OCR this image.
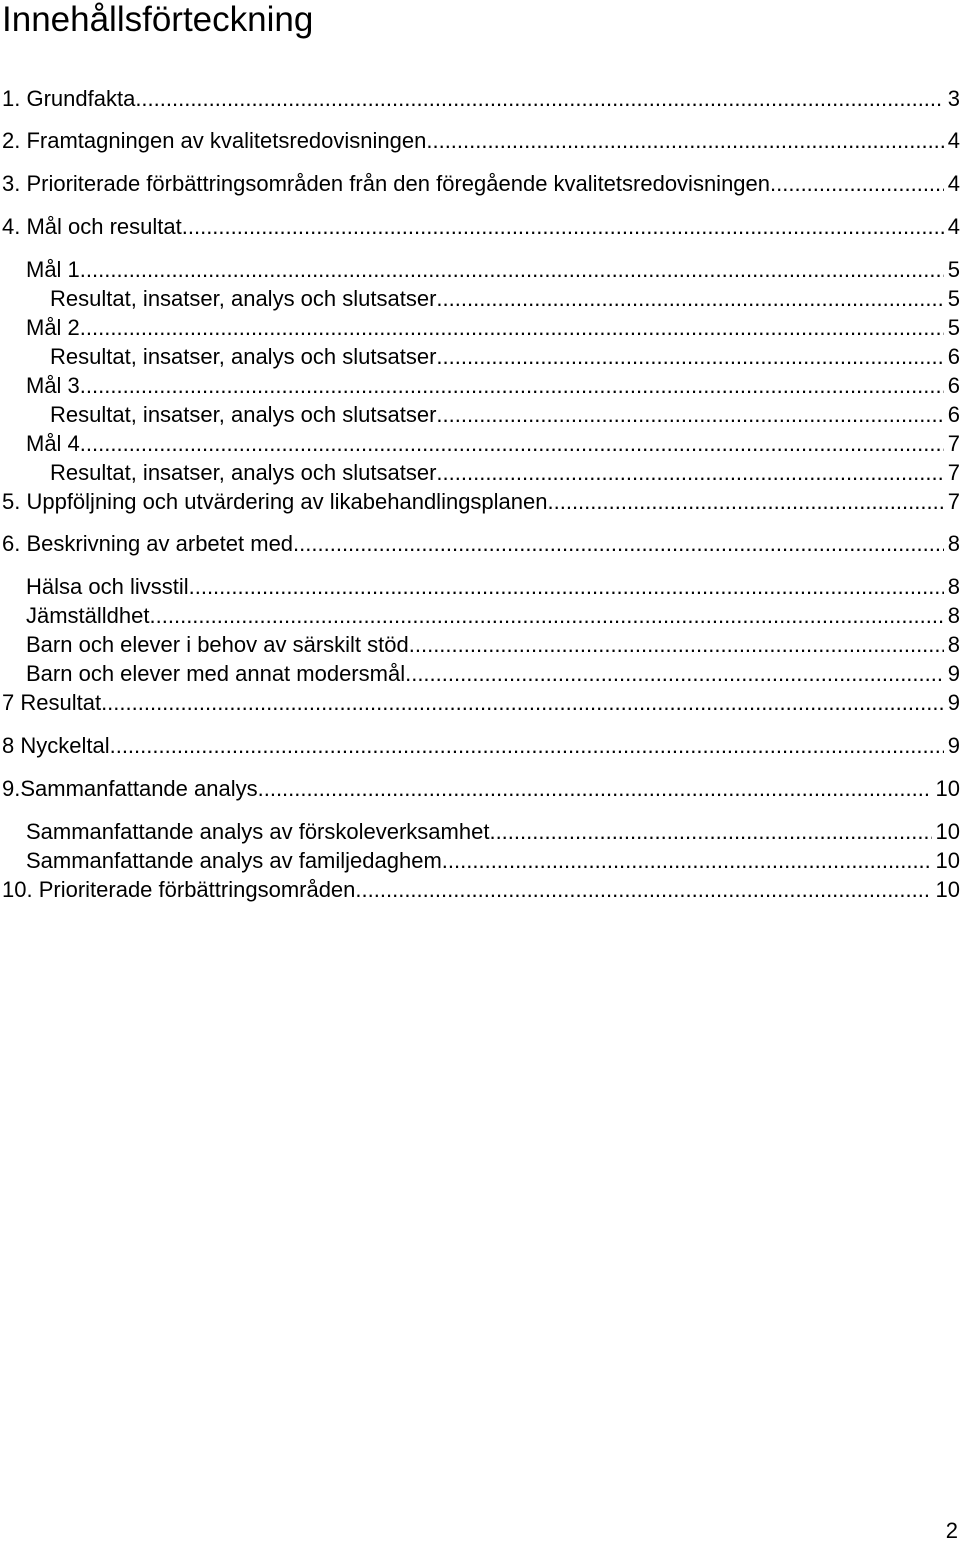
Innehållsförteckning
1. Grundfakta .....	3
2. Framtagningen av kvalitetsredovisningen .....	4
3. Prioriterade förbättringsområden från den föregående kvalitetsredovisningen. .....	4
4. Mål och resultat .....	4
Mål 1 .....	5
Resultat, insatser, analys och slutsatser .....	5
Mål 2 .....	5
Resultat, insatser, analys och slutsatser .....	6
Mål 3 .....	6
Resultat, insatser, analys och slutsatser .....	6
Mål 4 .....	7
Resultat, insatser, analys och slutsatser .....	7
5. Uppföljning och utvärdering av likabehandlingsplanen .....	7
6. Beskrivning av arbetet med .....	8
Hälsa och livsstil .....	8
Jämställdhet .....	8
Barn och elever i behov av särskilt stöd .....	8
Barn och elever med annat modersmål .....	9
7 Resultat .....	9
8 Nyckeltal .....	9
9.Sammanfattande analys .....	10
Sammanfattande analys av förskoleverksamhet .....	10
Sammanfattande analys av familjedaghem .....	10
10. Prioriterade förbättringsområden .....	10
2
